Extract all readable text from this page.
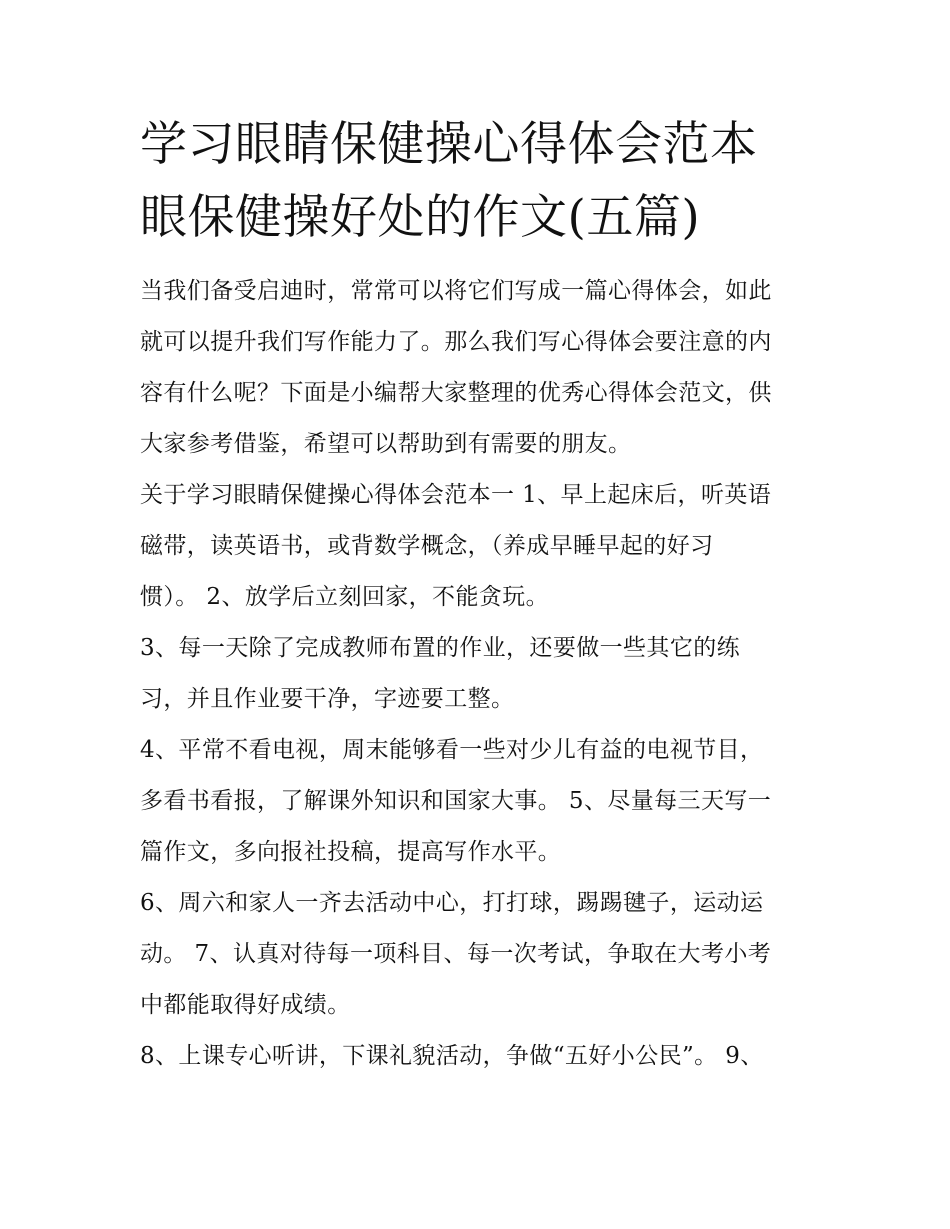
学习眼睛保健操心得体会范本
眼保健操好处的作文(五篇)

当我们备受启迪时，常常可以将它们写成一篇心得体会，如此
就可以提升我们写作能力了。那么我们写心得体会要注意的内
容有什么呢？下面是小编帮大家整理的优秀心得体会范文，供
大家参考借鉴，希望可以帮助到有需要的朋友。

关于学习眼睛保健操心得体会范本一 1、早上起床后，听英语
磁带，读英语书，或背数学概念，（养成早睡早起的好习
惯）。 2、放学后立刻回家，不能贪玩。

3、每一天除了完成教师布置的作业，还要做一些其它的练
习，并且作业要干净，字迹要工整。

4、平常不看电视，周末能够看一些对少儿有益的电视节目，
多看书看报，了解课外知识和国家大事。 5、尽量每三天写一
篇作文，多向报社投稿，提高写作水平。

6、周六和家人一齐去活动中心，打打球，踢踢毽子，运动运
动。 7、认真对待每一项科目、每一次考试，争取在大考小考
中都能取得好成绩。

8、上课专心听讲，下课礼貌活动，争做“五好小公民”。 9、
